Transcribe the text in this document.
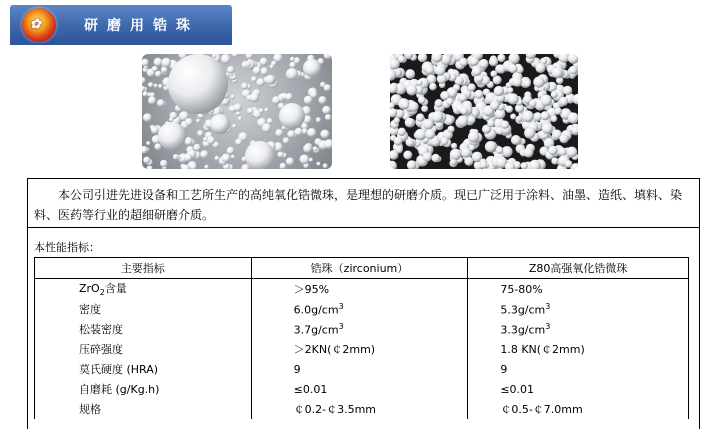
✿	研磨用锆珠
本公司引进先进设备和工艺所生产的高纯氧化锆微珠，是理想的研磨介质。现已广泛用于涂料、油墨、造纸、填料、染料、医药等行业的超细研磨介质。
本性能指标：
主要指标	锆珠（zirconium）	Z80高强氧化锆微珠
ZrO$_2$含量	＞95%	75-80%
密度	$6.0g/cm^3$	$5.3g/cm^3$
松装密度	$3.7g/cm^3$	$3.3g/cm^3$
压碎强度	＞2KN(￠2mm)	1.8 KN(￠2mm)
莫氏硬度 (HRA)	9	9
自磨耗 (g/Kg.h)	≤0.01	≤0.01
规格	￠0.2-￠3.5mm	￠0.5-￠7.0mm
